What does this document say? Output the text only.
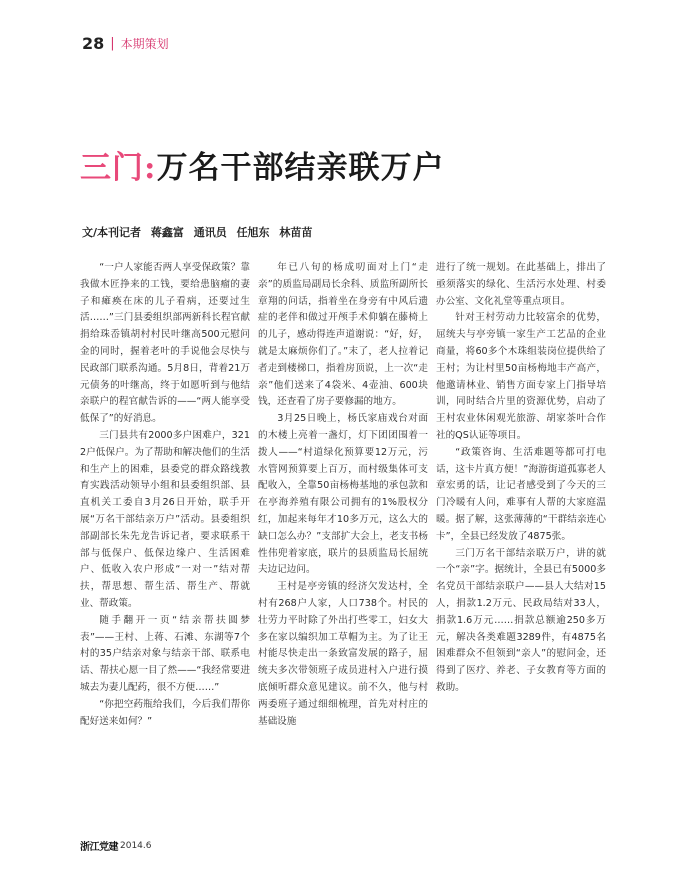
28 | 本期策划
三门:万名干部结亲联万户
文/本刊记者 蒋鑫富 通讯员 任旭东 林苗苗

“一户人家能否两人享受保政策？靠我做木匠挣来的工钱，要给患脑瘤的妻子和瘫痪在床的儿子看病，还要过生活……”三门县委组织部两新科长程官献捐给珠岙镇胡村村民叶继高500元慰问金的同时，握着老叶的手说他会尽快与民政部门联系沟通。5月8日，背着21万元债务的叶继高，终于如愿听到与他结亲联户的程官献告诉的——“两人能享受低保了”的好消息。

三门县共有2000多户困难户，3212户低保户。为了帮助和解决他们的生活和生产上的困难，县委党的群众路线教育实践活动领导小组和县委组织部、县直机关工委自3月26日开始，联手开展“万名干部结亲万户”活动。县委组织部副部长朱先龙告诉记者，要求联系干部与低保户、低保边缘户、生活困难户、低收入农户形成“一对一”结对帮扶，帮思想、帮生活、帮生产、帮就业、帮政策。

随手翻开一页“结亲帮扶圆梦表”——王村、上蒋、石滩、东湖等7个村的35户结亲对象与结亲干部、联系电话、帮扶心愿一目了然——“我经常要进城去为妻儿配药，很不方便……”

“你把空药瓶给我们，今后我们帮你配好送来如何？”

年已八旬的杨成叨面对上门“走亲”的质监局副局长余科、质监所副所长章翔的问话，指着坐在身旁有中风后遗症的老伴和做过开颅手术仰躺在藤椅上的儿子，感动得连声道谢说：“好，好，就是太麻烦你们了。”末了，老人拉着记者走到楼梯口，指着房顶说，上一次“走亲”他们送来了4袋米、4壶油、600块钱，还查看了房子要修漏的地方。

3月25日晚上，杨氏家庙戏台对面的木楼上亮着一盏灯，灯下团团围着一拨人——“村道绿化预算要12万元，污水管网预算要上百万，而村级集体可支配收入，全靠50亩杨梅基地的承包款和在亭海养殖有限公司拥有的1%股权分红，加起来每年才10多万元，这么大的缺口怎么办？”支部扩大会上，老支书杨性伟兜着家底，联片的县质监局长屈统夫边记边问。

王村是亭旁镇的经济欠发达村，全村有268户人家，人口738个。村民的壮劳力平时除了外出打些零工，妇女大多在家以编织加工草帽为主。为了让王村能尽快走出一条致富发展的路子，屈统夫多次带领班子成员进村入户进行摸底倾听群众意见建议。前不久，他与村两委班子通过细细梳理，首先对村庄的基础设施

进行了统一规划。在此基础上，排出了亟须落实的绿化、生活污水处理、村委办公室、文化礼堂等重点项目。

针对王村劳动力比较富余的优势，屈统夫与亭旁镇一家生产工艺品的企业商量，将60多个木珠组装岗位提供给了王村；为让村里50亩杨梅地丰产高产，他邀请林业、销售方面专家上门指导培训，同时结合片里的资源优势，启动了王村农业休闲观光旅游、胡家茶叶合作社的QS认证等项目。

“政策咨询、生活难题等都可打电话，这卡片真方便！”海游街道孤寡老人章宏勇的话，让记者感受到了今天的三门冷暖有人问，难事有人帮的大家庭温暖。据了解，这张薄薄的“干群结亲连心卡”，全县已经发放了4875张。

三门万名干部结亲联万户，讲的就一个“亲”字。据统计，全县已有5000多名党员干部结亲联户——县人大结对15人，捐款1.2万元、民政局结对33人，捐款1.6万元……捐款总额逾250多万元，解决各类难题3289件，有4875名困难群众不但领到“亲人”的慰问金，还得到了医疗、养老、子女教育等方面的救助。

浙江党建 2014.6
